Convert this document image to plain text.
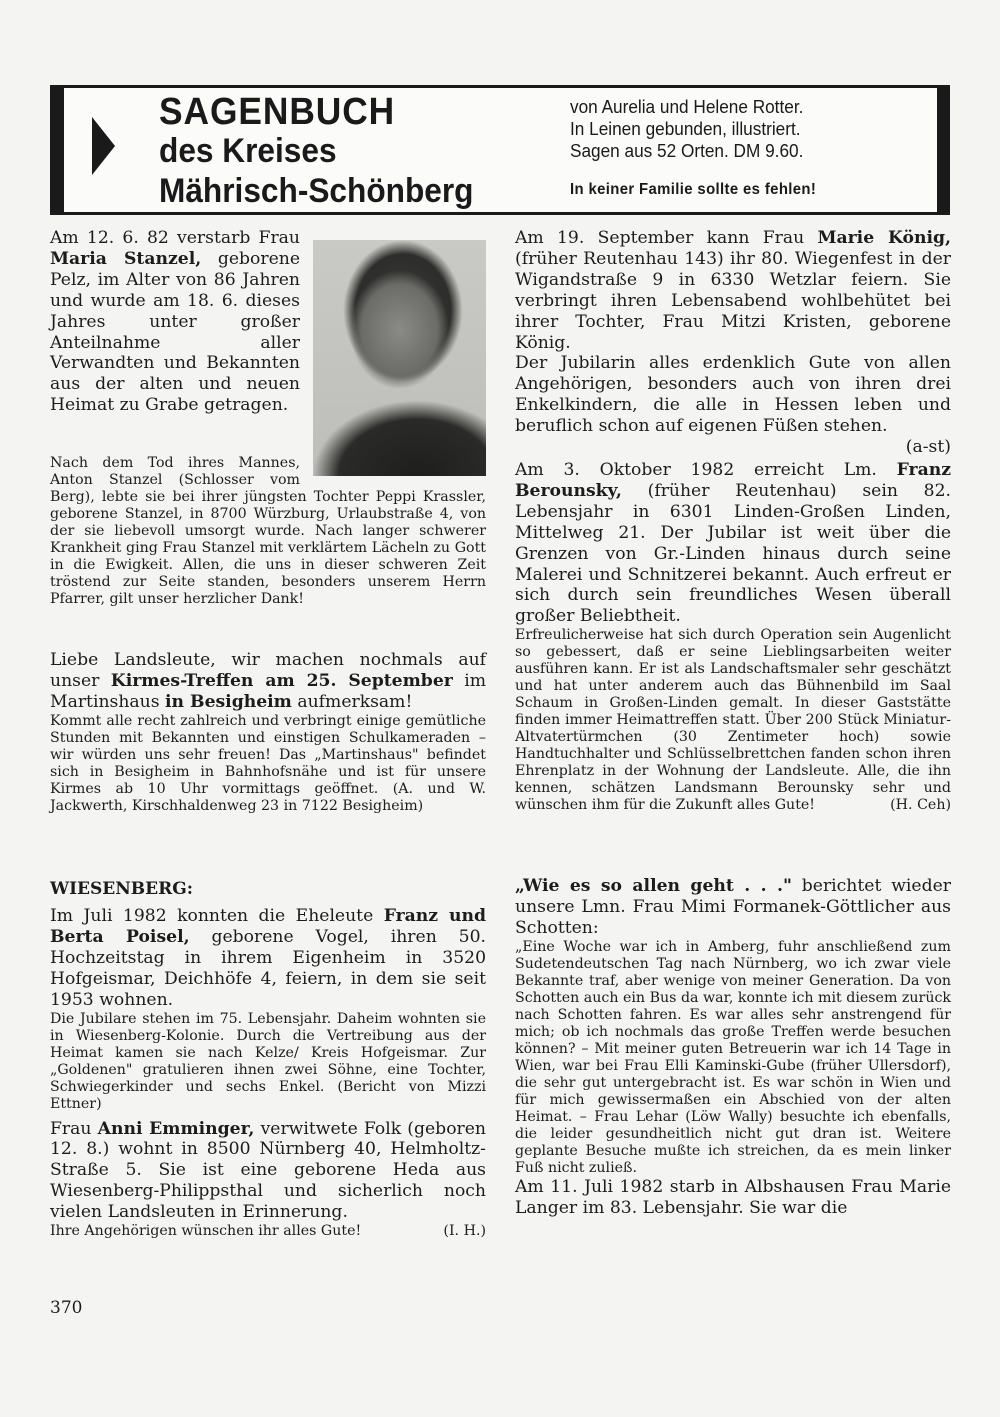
SAGENBUCH
des Kreises
Mährisch-Schönberg
von Aurelia und Helene Rotter.
In Leinen gebunden, illustriert.
Sagen aus 52 Orten. DM 9.60.
In keiner Familie sollte es fehlen!

Am 12. 6. 82 verstarb Frau Maria Stanzel, geborene Pelz, im Alter von 86 Jahren und wurde am 18. 6. dieses Jahres unter großer Anteilnahme aller Verwandten und Bekannten aus der alten und neuen Heimat zu Grabe getragen.

Nach dem Tod ihres Mannes, Anton Stanzel (Schlosser vom Berg), lebte sie bei ihrer jüngsten Tochter Peppi Krassler, geborene Stanzel, in 8700 Würzburg, Urlaubstraße 4, von der sie liebevoll umsorgt wurde. Nach langer schwerer Krankheit ging Frau Stanzel mit verklärtem Lächeln zu Gott in die Ewigkeit. Allen, die uns in dieser schweren Zeit tröstend zur Seite standen, besonders unserem Herrn Pfarrer, gilt unser herzlicher Dank!

Liebe Landsleute, wir machen nochmals auf unser Kirmes-Treffen am 25. September im Martinshaus in Besigheim aufmerksam!

Kommt alle recht zahlreich und verbringt einige gemütliche Stunden mit Bekannten und einstigen Schulkameraden – wir würden uns sehr freuen! Das „Martinshaus" befindet sich in Besigheim in Bahnhofsnähe und ist für unsere Kirmes ab 10 Uhr vormittags geöffnet. (A. und W. Jackwerth, Kirschhaldenweg 23 in 7122 Besigheim)

WIESENBERG:

Im Juli 1982 konnten die Eheleute Franz und Berta Poisel, geborene Vogel, ihren 50. Hochzeitstag in ihrem Eigenheim in 3520 Hofgeismar, Deichhöfe 4, feiern, in dem sie seit 1953 wohnen.

Die Jubilare stehen im 75. Lebensjahr. Daheim wohnten sie in Wiesenberg-Kolonie. Durch die Vertreibung aus der Heimat kamen sie nach Kelze/ Kreis Hofgeismar. Zur „Goldenen" gratulieren ihnen zwei Söhne, eine Tochter, Schwiegerkinder und sechs Enkel. (Bericht von Mizzi Ettner)

Frau Anni Emminger, verwitwete Folk (geboren 12. 8.) wohnt in 8500 Nürnberg 40, Helmholtz-Straße 5. Sie ist eine geborene Heda aus Wiesenberg-Philippsthal und sicherlich noch vielen Landsleuten in Erinnerung.

Ihre Angehörigen wünschen ihr alles Gute!	(I. H.)

370

Am 19. September kann Frau Marie König, (früher Reutenhau 143) ihr 80. Wiegenfest in der Wigandstraße 9 in 6330 Wetzlar feiern. Sie verbringt ihren Lebensabend wohlbehütet bei ihrer Tochter, Frau Mitzi Kristen, geborene König.

Der Jubilarin alles erdenklich Gute von allen Angehörigen, besonders auch von ihren drei Enkelkindern, die alle in Hessen leben und beruflich schon auf eigenen Füßen stehen.

(a-st)

Am 3. Oktober 1982 erreicht Lm. Franz Berounsky, (früher Reutenhau) sein 82. Lebensjahr in 6301 Linden-Großen Linden, Mittelweg 21. Der Jubilar ist weit über die Grenzen von Gr.-Linden hinaus durch seine Malerei und Schnitzerei bekannt. Auch erfreut er sich durch sein freundliches Wesen überall großer Beliebtheit.

Erfreulicherweise hat sich durch Operation sein Augenlicht so gebessert, daß er seine Lieblingsarbeiten weiter ausführen kann. Er ist als Landschaftsmaler sehr geschätzt und hat unter anderem auch das Bühnenbild im Saal Schaum in Großen-Linden gemalt. In dieser Gaststätte finden immer Heimattreffen statt. Über 200 Stück Miniatur-Altvatertürmchen (30 Zentimeter hoch) sowie Handtuchhalter und Schlüsselbrettchen fanden schon ihren Ehrenplatz in der Wohnung der Landsleute. Alle, die ihn kennen, schätzen Landsmann Berounsky sehr und wünschen ihm für die Zukunft alles Gute!	(H. Ceh)

„Wie es so allen geht . . ." berichtet wieder unsere Lmn. Frau Mimi Formanek-Göttlicher aus Schotten:

„Eine Woche war ich in Amberg, fuhr anschließend zum Sudetendeutschen Tag nach Nürnberg, wo ich zwar viele Bekannte traf, aber wenige von meiner Generation. Da von Schotten auch ein Bus da war, konnte ich mit diesem zurück nach Schotten fahren. Es war alles sehr anstrengend für mich; ob ich nochmals das große Treffen werde besuchen können? – Mit meiner guten Betreuerin war ich 14 Tage in Wien, war bei Frau Elli Kaminski-Gube (früher Ullersdorf), die sehr gut untergebracht ist. Es war schön in Wien und für mich gewissermaßen ein Abschied von der alten Heimat. – Frau Lehar (Löw Wally) besuchte ich ebenfalls, die leider gesundheitlich nicht gut dran ist. Weitere geplante Besuche mußte ich streichen, da es mein linker Fuß nicht zuließ.

Am 11. Juli 1982 starb in Albshausen Frau Marie Langer im 83. Lebensjahr. Sie war die
